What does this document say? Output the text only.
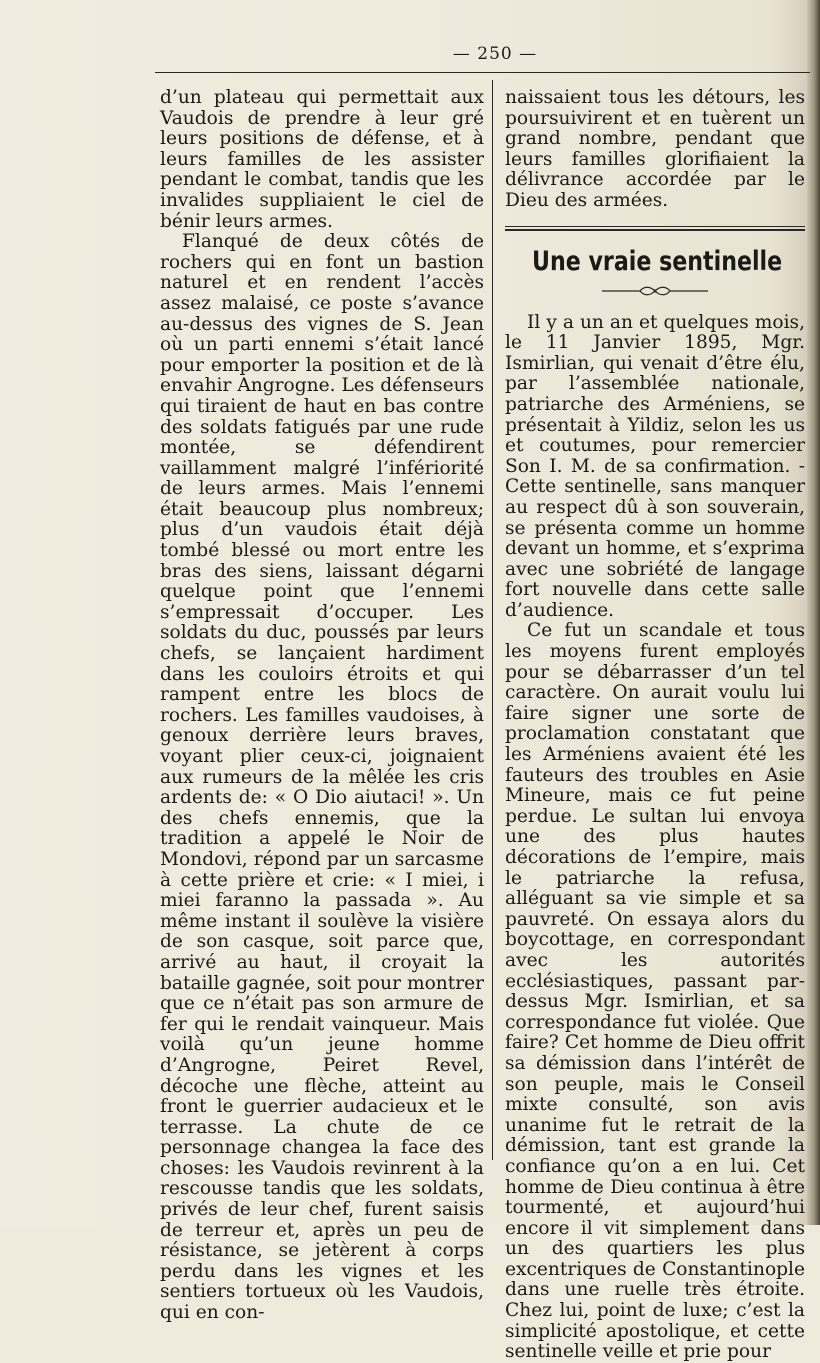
— 250 —

d’un plateau qui permettait aux Vaudois de prendre à leur gré leurs positions de défense, et à leurs familles de les assister pendant le combat, tandis que les invalides suppliaient le ciel de bénir leurs armes.

Flanqué de deux côtés de rochers qui en font un bastion naturel et en rendent l’accès assez malaisé, ce poste s’avance au-dessus des vignes de S. Jean où un parti ennemi s’était lancé pour emporter la position et de là envahir Angrogne. Les défenseurs qui tiraient de haut en bas contre des soldats fatigués par une rude montée, se défendirent vaillamment malgré l’infériorité de leurs armes. Mais l’ennemi était beaucoup plus nombreux; plus d’un vaudois était déjà tombé blessé ou mort entre les bras des siens, laissant dégarni quelque point que l’ennemi s’empressait d’occuper. Les soldats du duc, poussés par leurs chefs, se lançaient hardiment dans les couloirs étroits et qui rampent entre les blocs de rochers. Les familles vaudoises, à genoux derrière leurs braves, voyant plier ceux-ci, joignaient aux rumeurs de la mêlée les cris ardents de: « O Dio aiutaci! ». Un des chefs ennemis, que la tradition a appelé le Noir de Mondovi, répond par un sarcasme à cette prière et crie: « I miei, i miei faranno la passada ». Au même instant il soulève la visière de son casque, soit parce que, arrivé au haut, il croyait la bataille gagnée, soit pour montrer que ce n’était pas son armure de fer qui le rendait vainqueur. Mais voilà qu’un jeune homme d’Angrogne, Peiret Revel, décoche une flèche, atteint au front le guerrier audacieux et le terrasse. La chute de ce personnage changea la face des choses: les Vaudois revinrent à la rescousse tandis que les soldats, privés de leur chef, furent saisis de terreur et, après un peu de résistance, se jetèrent à corps perdu dans les vignes et les sentiers tortueux où les Vaudois, qui en con-

naissaient tous les détours, les poursuivirent et en tuèrent un grand nombre, pendant que leurs familles glorifiaient la délivrance accordée par le Dieu des armées.

Une vraie sentinelle

Il y a un an et quelques mois, le 11 Janvier 1895, Mgr. Ismirlian, qui venait d’être élu, par l’assemblée nationale, patriarche des Arméniens, se présentait à Yildiz, selon les us et coutumes, pour remercier Son I. M. de sa confirmation. - Cette sentinelle, sans manquer au respect dû à son souverain, se présenta comme un homme devant un homme, et s’exprima avec une sobriété de langage fort nouvelle dans cette salle d’audience.

Ce fut un scandale et tous les moyens furent employés pour se débarrasser d’un tel caractère. On aurait voulu lui faire signer une sorte de proclamation constatant que les Arméniens avaient été les fauteurs des troubles en Asie Mineure, mais ce fut peine perdue. Le sultan lui envoya une des plus hautes décorations de l’empire, mais le patriarche la refusa, alléguant sa vie simple et sa pauvreté. On essaya alors du boycottage, en correspondant avec les autorités ecclésiastiques, passant par-dessus Mgr. Ismirlian, et sa correspondance fut violée. Que faire? Cet homme de Dieu offrit sa démission dans l’intérêt de son peuple, mais le Conseil mixte consulté, son avis unanime fut le retrait de la démission, tant est grande la confiance qu’on a en lui. Cet homme de Dieu continua à être tourmenté, et aujourd’hui encore il vit simplement dans un des quartiers les plus excentriques de Constantinople dans une ruelle très étroite. Chez lui, point de luxe; c’est la simplicité apostolique, et cette sentinelle veille et prie pour
